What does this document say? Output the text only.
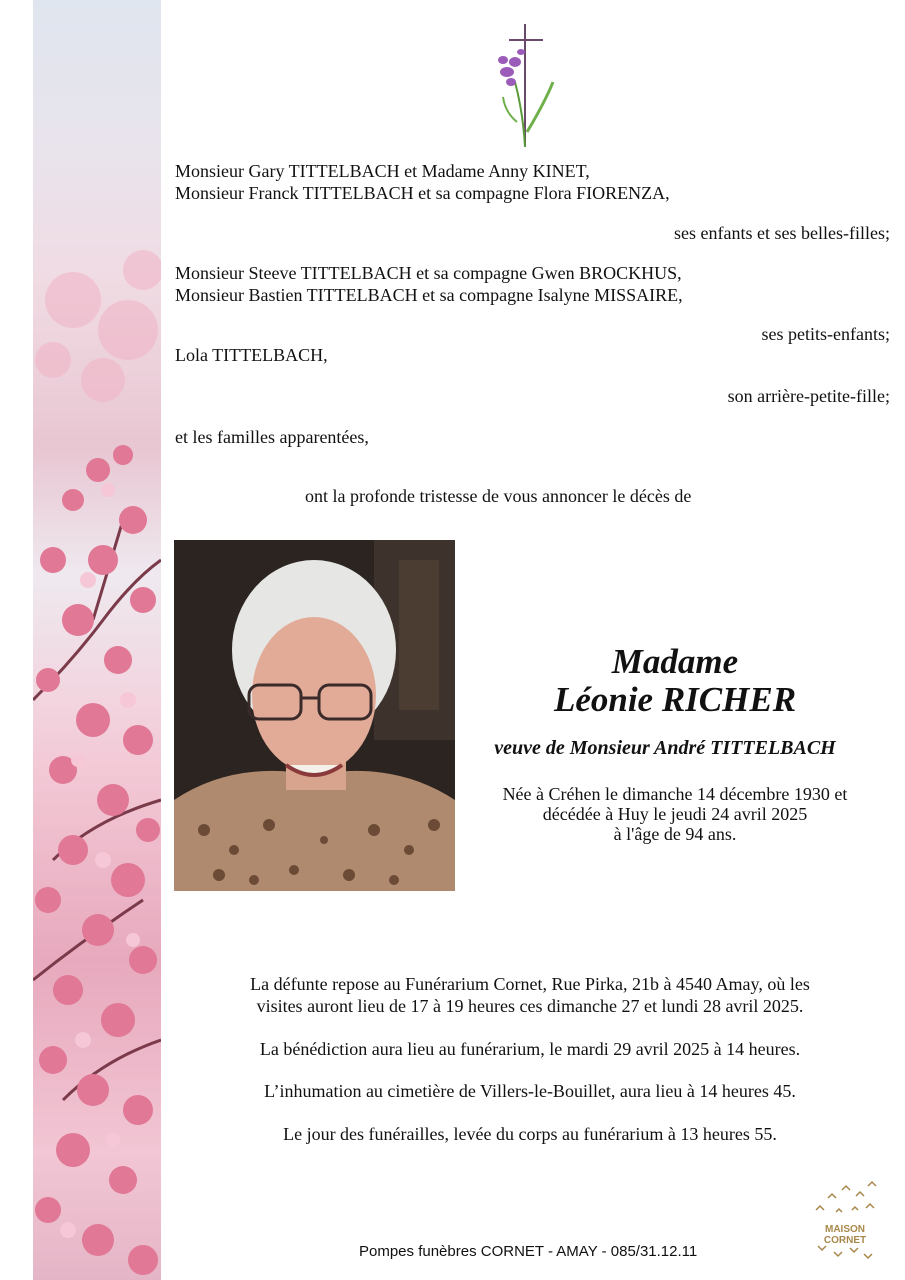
Monsieur Gary TITTELBACH et Madame Anny KINET,

Monsieur Franck TITTELBACH et sa compagne Flora FIORENZA,

ses enfants et ses belles-filles;

Monsieur Steeve TITTELBACH et sa compagne Gwen BROCKHUS,

Monsieur Bastien TITTELBACH et sa compagne Isalyne MISSAIRE,

ses petits-enfants;

Lola TITTELBACH,

son arrière-petite-fille;

et les familles apparentées,

ont la profonde tristesse de vous annoncer le décès de

Madame
Léonie RICHER
veuve de Monsieur André TITTELBACH
Née à Créhen le dimanche 14 décembre 1930 et
décédée à Huy le jeudi 24 avril 2025
à l'âge de 94 ans.
La défunte repose au Funérarium Cornet, Rue Pirka, 21b à 4540 Amay, où les
visites auront lieu de 17 à 19 heures ces dimanche 27 et lundi 28 avril 2025.
La bénédiction aura lieu au funérarium, le mardi 29 avril 2025 à 14 heures.
L’inhumation au cimetière de Villers-le-Bouillet, aura lieu à 14 heures 45.
Le jour des funérailles, levée du corps au funérarium à 13 heures 55.
Pompes funèbres CORNET - AMAY - 085/31.12.11
MAISON CORNET
